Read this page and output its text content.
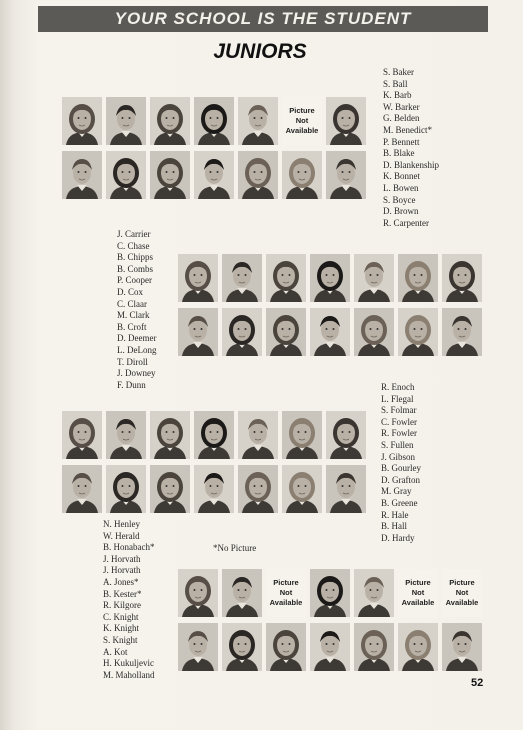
YOUR SCHOOL IS THE STUDENT
JUNIORS
Picture
Not
Available
S. Baker
S. Ball
K. Barb
W. Barker
G. Belden
M. Benedict*
P. Bennett
B. Blake
D. Blankenship
K. Bonnet
L. Bowen
S. Boyce
D. Brown
R. Carpenter
J. Carrier
C. Chase
B. Chipps
B. Combs
P. Cooper
D. Cox
C. Claar
M. Clark
B. Croft
D. Deemer
L. DeLong
T. Diroll
J. Downey
F. Dunn	R. Enoch
L. Flegal
S. Folmar
C. Fowler
R. Fowler
S. Fullen
J. Gibson
B. Gourley
D. Grafton
M. Gray
B. Greene
R. Hale
B. Hall
D. Hardy
N. Henley
W. Herald
B. Honabach*
J. Horvath
J. Horvath
A. Jones*
B. Kester*
R. Kilgore
C. Knight
K. Knight
S. Knight
A. Kot
H. Kukuljevic
M. Maholland
Picture
Not
Available
Picture
Not
Available
Picture
Not
Available
*No Picture
52
